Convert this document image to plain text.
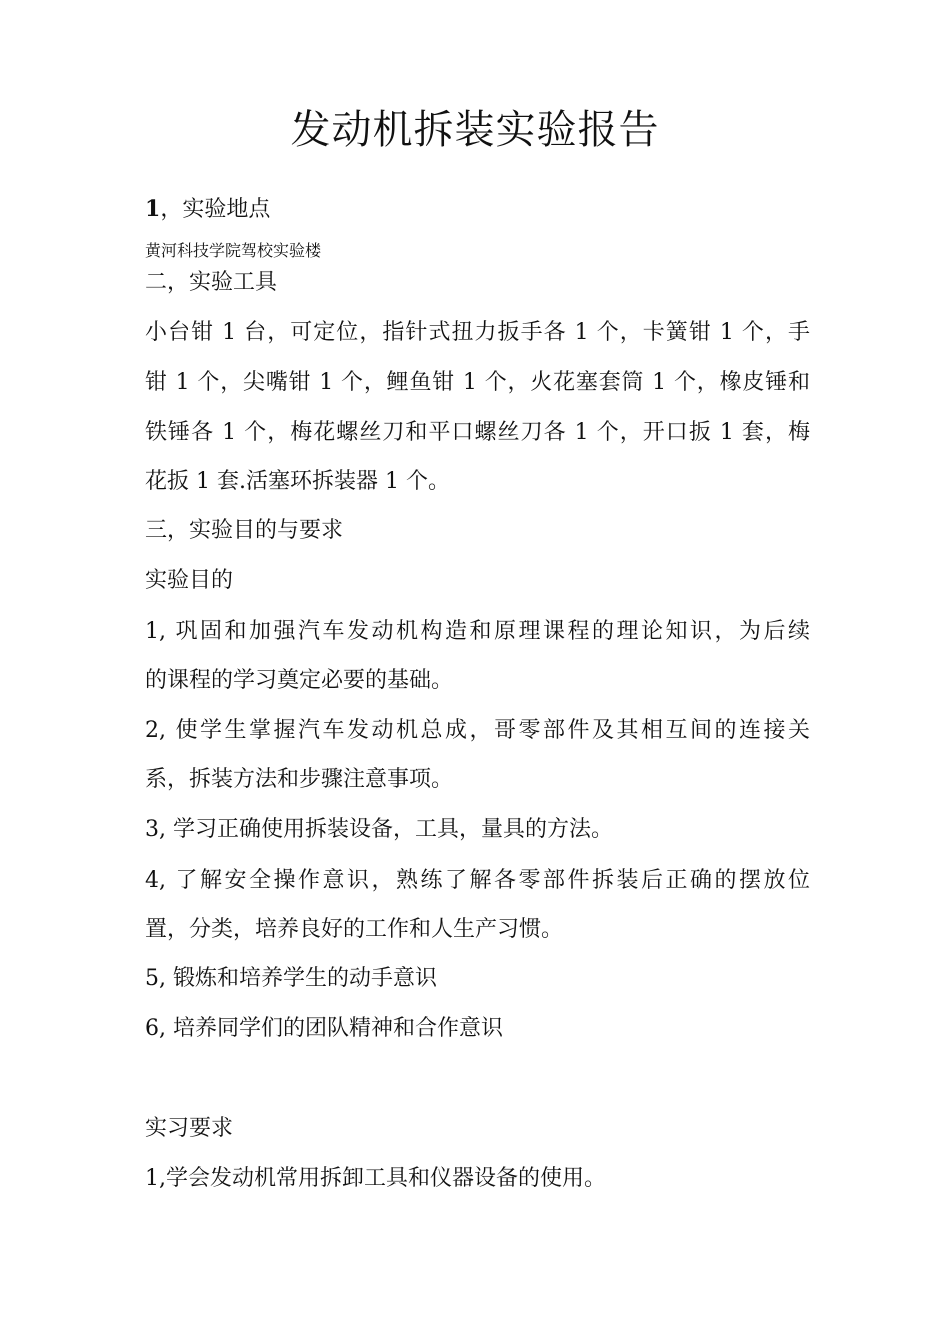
发动机拆装实验报告

1，实验地点

黄河科技学院驾校实验楼

二，实验工具

小台钳 1 台，可定位，指针式扭力扳手各 1 个，卡簧钳 1 个，手

钳 1 个，尖嘴钳 1 个，鲤鱼钳 1 个，火花塞套筒 1 个，橡皮锤和

铁锤各 1 个，梅花螺丝刀和平口螺丝刀各 1 个，开口扳 1 套，梅

花扳 1 套.活塞环拆装器 1 个。

三，实验目的与要求

实验目的

1, 巩固和加强汽车发动机构造和原理课程的理论知识，为后续

的课程的学习奠定必要的基础。

2, 使学生掌握汽车发动机总成，哥零部件及其相互间的连接关

系，拆装方法和步骤注意事项。

3, 学习正确使用拆装设备，工具，量具的方法。

4, 了解安全操作意识，熟练了解各零部件拆装后正确的摆放位

置，分类，培养良好的工作和人生产习惯。

5, 锻炼和培养学生的动手意识

6, 培养同学们的团队精神和合作意识

实习要求

1,学会发动机常用拆卸工具和仪器设备的使用。
